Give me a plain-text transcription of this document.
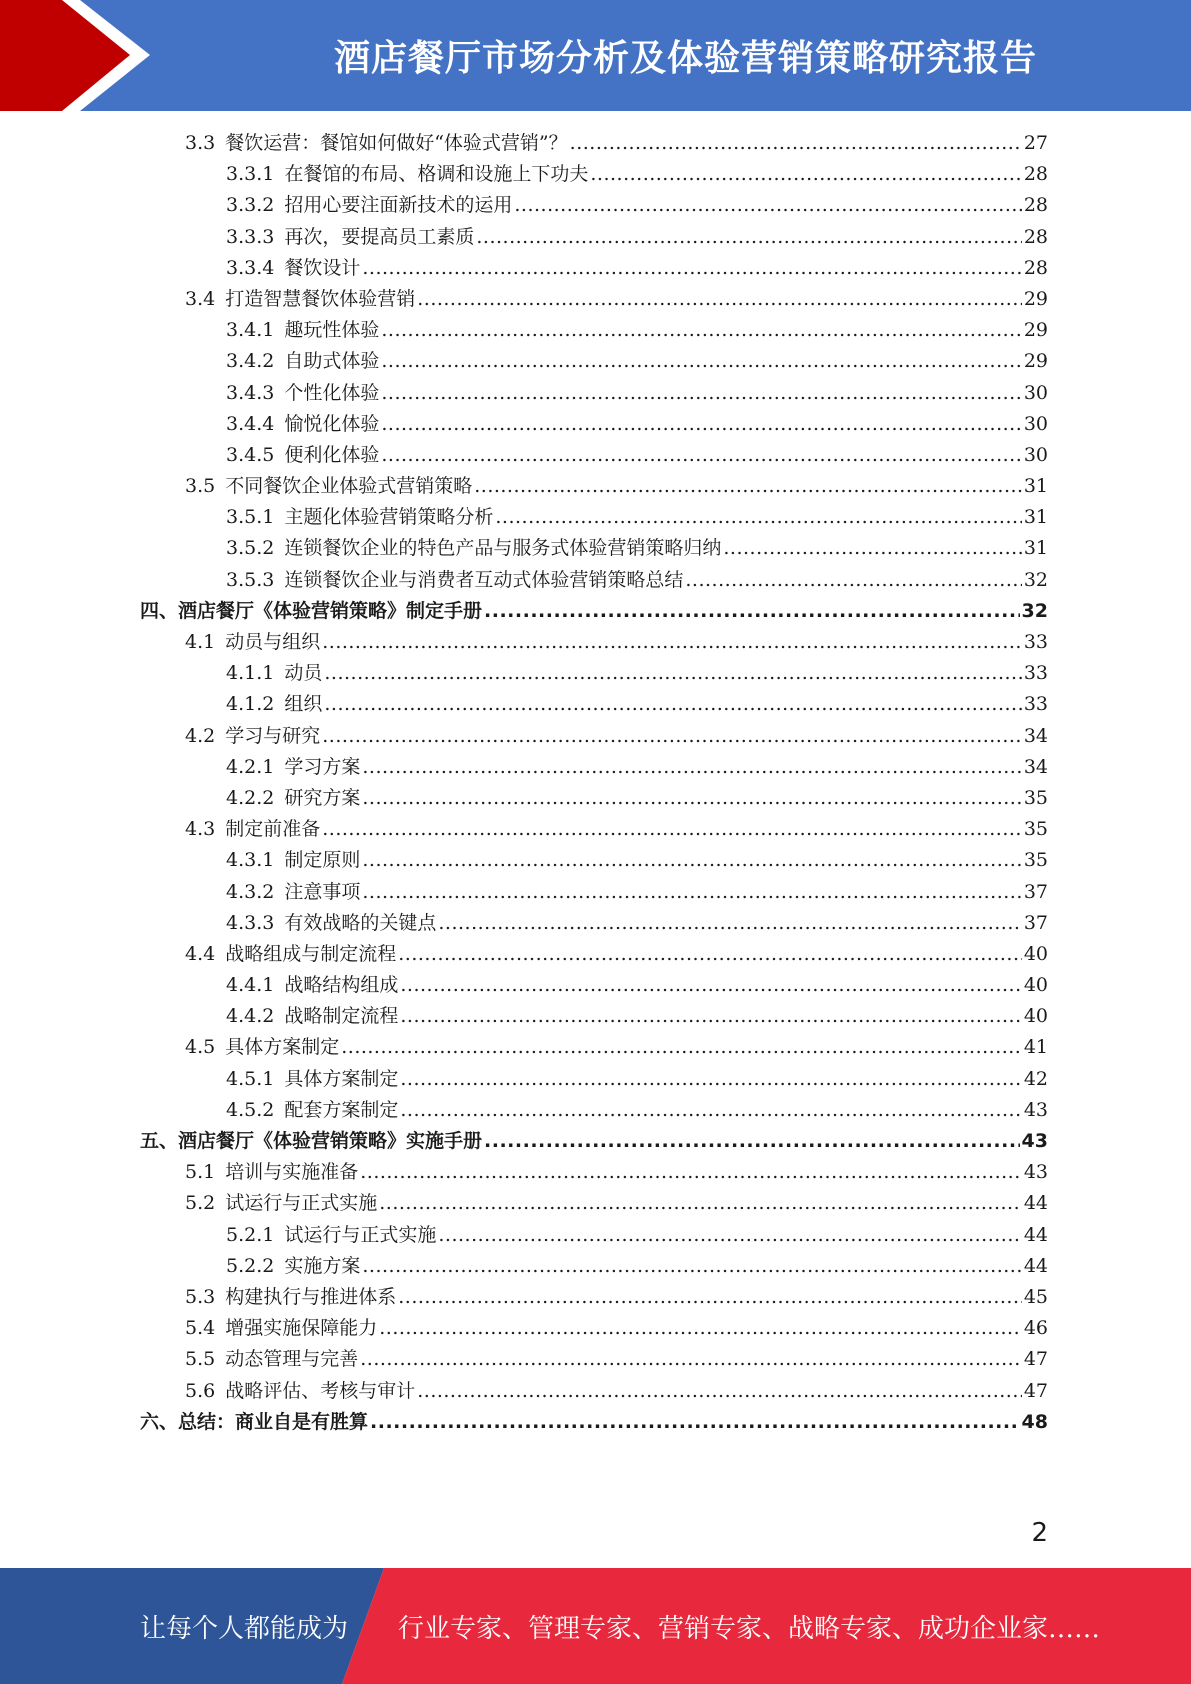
酒店餐厅市场分析及体验营销策略研究报告
3.3 餐饮运营：餐馆如何做好“体验式营销”？ .....	27
3.3.1 在餐馆的布局、格调和设施上下功夫 .....	28
3.3.2 招用心要注面新技术的运用 .....	28
3.3.3 再次，要提高员工素质 .....	28
3.3.4 餐饮设计 .....	28
3.4 打造智慧餐饮体验营销 .....	29
3.4.1 趣玩性体验 .....	29
3.4.2 自助式体验 .....	29
3.4.3 个性化体验 .....	30
3.4.4 愉悦化体验 .....	30
3.4.5 便利化体验 .....	30
3.5 不同餐饮企业体验式营销策略 .....	31
3.5.1 主题化体验营销策略分析 .....	31
3.5.2 连锁餐饮企业的特色产品与服务式体验营销策略归纳 .....	31
3.5.3 连锁餐饮企业与消费者互动式体验营销策略总结 .....	32
四、酒店餐厅《体验营销策略》制定手册 .....	32
4.1 动员与组织 .....	33
4.1.1 动员 .....	33
4.1.2 组织 .....	33
4.2 学习与研究 .....	34
4.2.1 学习方案 .....	34
4.2.2 研究方案 .....	35
4.3 制定前准备 .....	35
4.3.1 制定原则 .....	35
4.3.2 注意事项 .....	37
4.3.3 有效战略的关键点 .....	37
4.4 战略组成与制定流程 .....	40
4.4.1 战略结构组成 .....	40
4.4.2 战略制定流程 .....	40
4.5 具体方案制定 .....	41
4.5.1 具体方案制定 .....	42
4.5.2 配套方案制定 .....	43
五、酒店餐厅《体验营销策略》实施手册 .....	43
5.1 培训与实施准备 .....	43
5.2 试运行与正式实施 .....	44
5.2.1 试运行与正式实施 .....	44
5.2.2 实施方案 .....	44
5.3 构建执行与推进体系 .....	45
5.4 增强实施保障能力 .....	46
5.5 动态管理与完善 .....	47
5.6 战略评估、考核与审计 .....	47
六、总结：商业自是有胜算 .....	48
2
让每个人都能成为	行业专家、管理专家、营销专家、战略专家、成功企业家……
